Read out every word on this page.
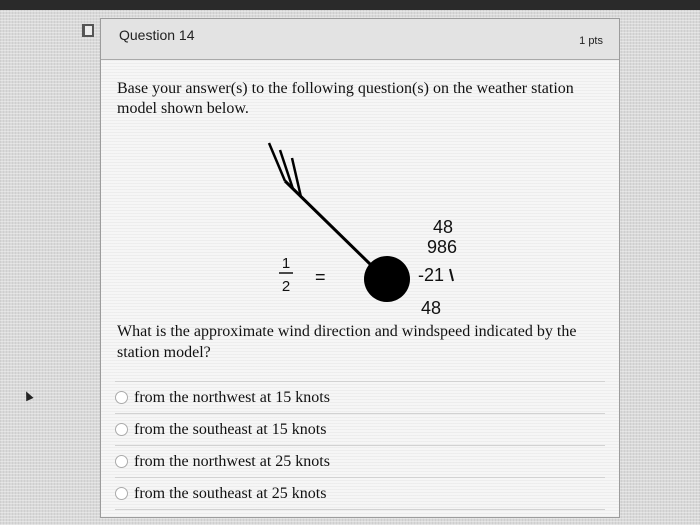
Question 14	1 pts
Base your answer(s) to the following question(s) on the weather station model shown below.
48
986
-21
1
2 =
48
What is the approximate wind direction and windspeed indicated by the station model?
from the northwest at 15 knots
from the southeast at 15 knots
from the northwest at 25 knots
from the southeast at 25 knots
